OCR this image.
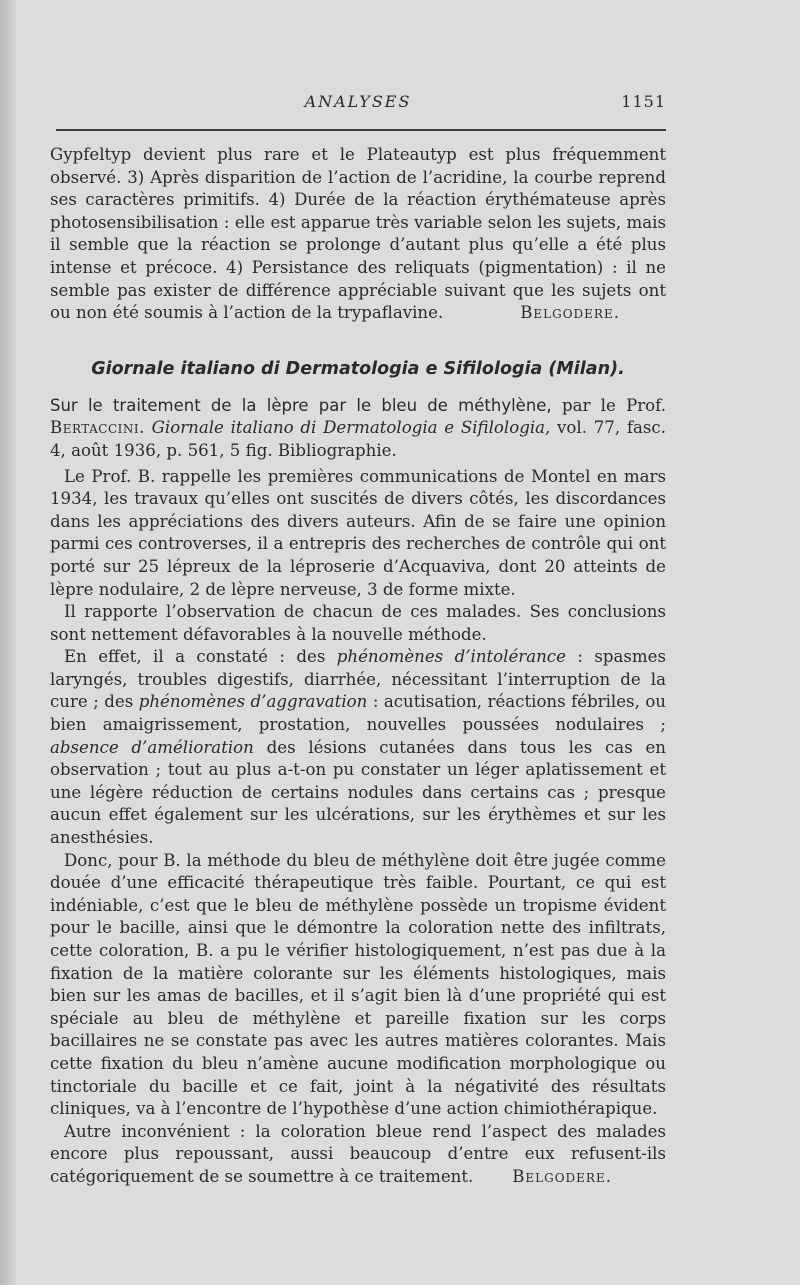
ANALYSES	1151

Gypfeltyp devient plus rare et le Plateautyp est plus fréquemment observé. 3) Après disparition de l’action de l’acridine, la courbe reprend ses caractères primitifs. 4) Durée de la réaction érythémateuse après photosensibilisation : elle est apparue très variable selon les sujets, mais il semble que la réaction se prolonge d’autant plus qu’elle a été plus intense et précoce. 4) Persistance des reliquats (pigmentation) : il ne semble pas exister de différence appréciable suivant que les sujets ont ou non été soumis à l’action de la trypaflavine.	Belgodere.

Giornale italiano di Dermatologia e Sifilologia (Milan).

Sur le traitement de la lèpre par le bleu de méthylène, par le Prof. Bertaccini. Giornale italiano di Dermatologia e Sifilologia, vol. 77, fasc. 4, août 1936, p. 561, 5 fig. Bibliographie.

Le Prof. B. rappelle les premières communications de Montel en mars 1934, les travaux qu’elles ont suscités de divers côtés, les discordances dans les appréciations des divers auteurs. Afin de se faire une opinion parmi ces controverses, il a entrepris des recherches de contrôle qui ont porté sur 25 lépreux de la léproserie d’Acquaviva, dont 20 atteints de lèpre nodulaire, 2 de lèpre nerveuse, 3 de forme mixte.

Il rapporte l’observation de chacun de ces malades. Ses conclusions sont nettement défavorables à la nouvelle méthode.

En effet, il a constaté : des phénomènes d’intolérance : spasmes laryngés, troubles digestifs, diarrhée, nécessitant l’interruption de la cure ; des phénomènes d’aggravation : acutisation, réactions fébriles, ou bien amaigrissement, prostation, nouvelles poussées nodulaires ; absence d’amélioration des lésions cutanées dans tous les cas en observation ; tout au plus a-t-on pu constater un léger aplatissement et une légère réduction de certains nodules dans certains cas ; presque aucun effet également sur les ulcérations, sur les érythèmes et sur les anesthésies.

Donc, pour B. la méthode du bleu de méthylène doit être jugée comme douée d’une efficacité thérapeutique très faible. Pourtant, ce qui est indéniable, c’est que le bleu de méthylène possède un tropisme évident pour le bacille, ainsi que le démontre la coloration nette des infiltrats, cette coloration, B. a pu le vérifier histologiquement, n’est pas due à la fixation de la matière colorante sur les éléments histologiques, mais bien sur les amas de bacilles, et il s’agit bien là d’une propriété qui est spéciale au bleu de méthylène et pareille fixation sur les corps bacillaires ne se constate pas avec les autres matières colorantes. Mais cette fixation du bleu n’amène aucune modification morphologique ou tinctoriale du bacille et ce fait, joint à la négativité des résultats cliniques, va à l’encontre de l’hypothèse d’une action chimiothérapique.

Autre inconvénient : la coloration bleue rend l’aspect des malades encore plus repoussant, aussi beaucoup d’entre eux refusent-ils catégoriquement de se soumettre à ce traitement.	Belgodere.
